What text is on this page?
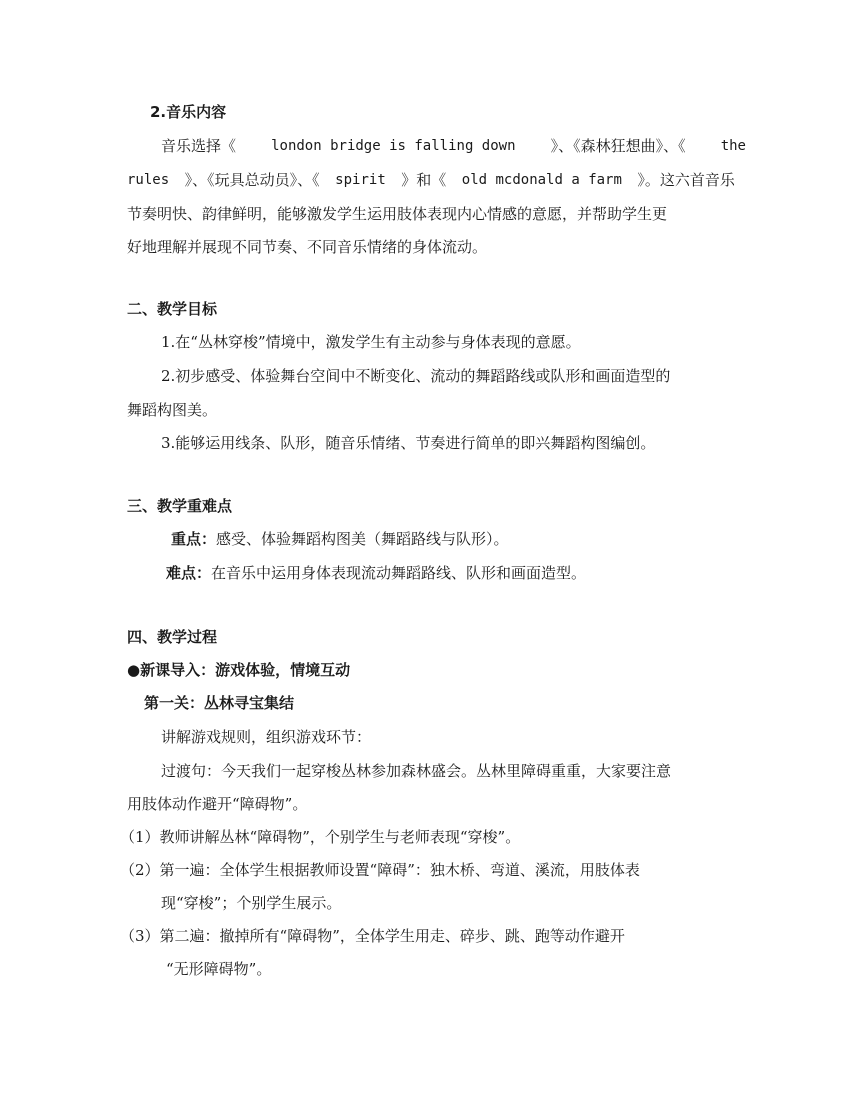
2.音乐内容
音乐选择《	london bridge is falling down 》、《森林狂想曲》、《	the
rules 》、《玩具总动员》、《 spirit 》和《 old mcdonald a farm 》。这六首音乐
节奏明快、韵律鲜明，能够激发学生运用肢体表现内心情感的意愿，并帮助学生更
好地理解并展现不同节奏、不同音乐情绪的身体流动。
二、教学目标
1.在“丛林穿梭”情境中，激发学生有主动参与身体表现的意愿。
2.初步感受、体验舞台空间中不断变化、流动的舞蹈路线或队形和画面造型的
舞蹈构图美。
3.能够运用线条、队形，随音乐情绪、节奏进行简单的即兴舞蹈构图编创。
三、教学重难点
重点：感受、体验舞蹈构图美（舞蹈路线与队形）。
难点：在音乐中运用身体表现流动舞蹈路线、队形和画面造型。
四、教学过程
●新课导入：游戏体验，情境互动
第一关：丛林寻宝集结
讲解游戏规则，组织游戏环节：
过渡句：今天我们一起穿梭丛林参加森林盛会。丛林里障碍重重，大家要注意
用肢体动作避开“障碍物”。
（1）教师讲解丛林“障碍物”，个别学生与老师表现“穿梭”。
（2）第一遍：全体学生根据教师设置“障碍”：独木桥、弯道、溪流，用肢体表
现“穿梭”；个别学生展示。
（3）第二遍：撤掉所有“障碍物”，全体学生用走、碎步、跳、跑等动作避开
“无形障碍物”。
